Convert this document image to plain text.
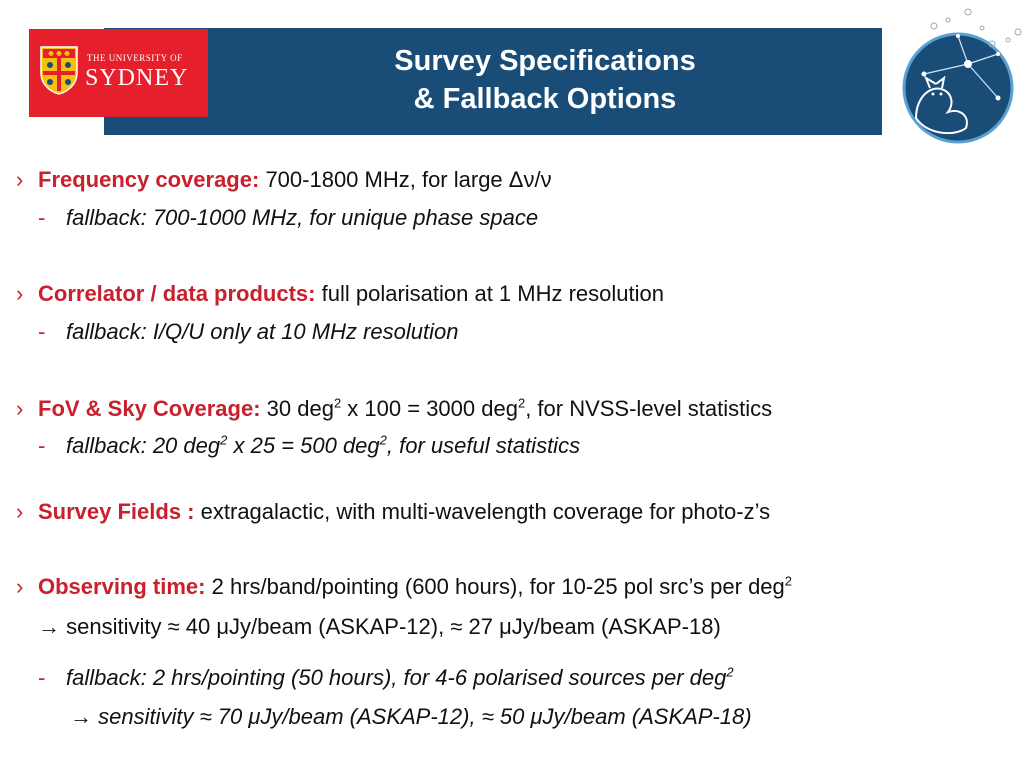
THE UNIVERSITY OF
SYDNEY
Survey Specifications
& Fallback Options
› Frequency coverage: 700-1800 MHz, for large Δν/ν
- fallback: 700-1000 MHz, for unique phase space
› Correlator / data products: full polarisation at 1 MHz resolution
- fallback: I/Q/U only at 10 MHz resolution
› FoV & Sky Coverage: 30 deg$^2$ x 100 = 3000 deg$^2$, for NVSS-level statistics
- fallback: 20 deg$^2$ x 25 = 500 deg$^2$, for useful statistics
› Survey Fields : extragalactic, with multi-wavelength coverage for photo-z’s
› Observing time: 2 hrs/band/pointing (600 hours), for 10-25 pol src’s per deg$^2$
→ sensitivity ≈ 40 μJy/beam (ASKAP-12), ≈ 27 μJy/beam (ASKAP-18)
- fallback: 2 hrs/pointing (50 hours), for 4-6 polarised sources per deg$^2$
→ sensitivity ≈ 70 μJy/beam (ASKAP-12), ≈ 50 μJy/beam (ASKAP-18)
